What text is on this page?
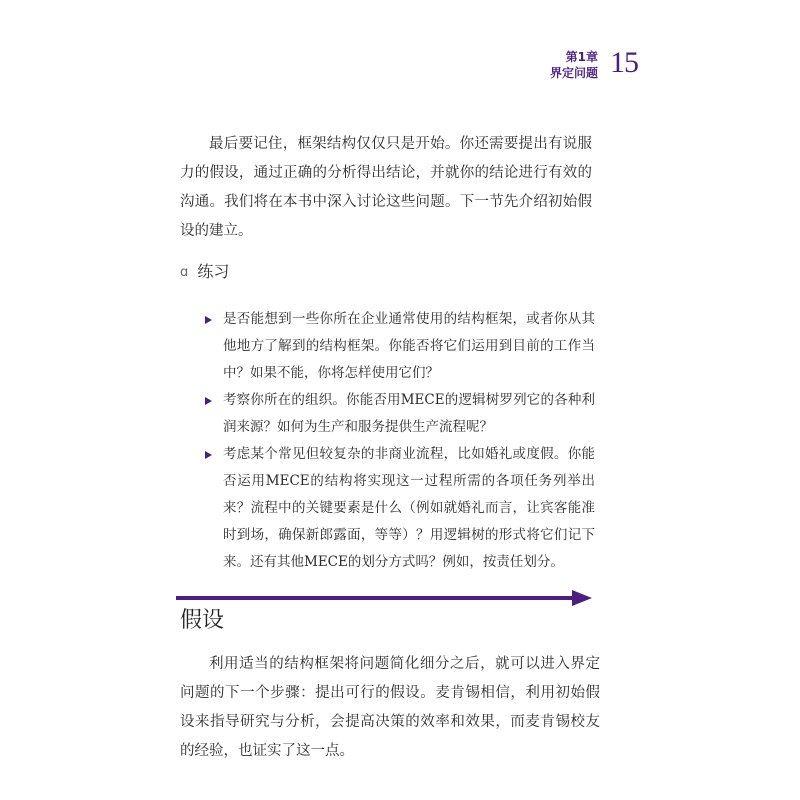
第1章
界定问题 15

最后要记住，框架结构仅仅只是开始。你还需要提出有说服力的假设，通过正确的分析得出结论，并就你的结论进行有效的沟通。我们将在本书中深入讨论这些问题。下一节先介绍初始假设的建立。

ɑ 练习
是否能想到一些你所在企业通常使用的结构框架，或者你从其他地方了解到的结构框架。你能否将它们运用到目前的工作当中？如果不能，你将怎样使用它们？
考察你所在的组织。你能否用MECE的逻辑树罗列它的各种利润来源？如何为生产和服务提供生产流程呢？
考虑某个常见但较复杂的非商业流程，比如婚礼或度假。你能否运用MECE的结构将实现这一过程所需的各项任务列举出来？流程中的关键要素是什么（例如就婚礼而言，让宾客能准时到场，确保新郎露面，等等）？用逻辑树的形式将它们记下来。还有其他MECE的划分方式吗？例如，按责任划分。
假设

利用适当的结构框架将问题简化细分之后，就可以进入界定问题的下一个步骤：提出可行的假设。麦肯锡相信，利用初始假设来指导研究与分析，会提高决策的效率和效果，而麦肯锡校友的经验，也证实了这一点。
